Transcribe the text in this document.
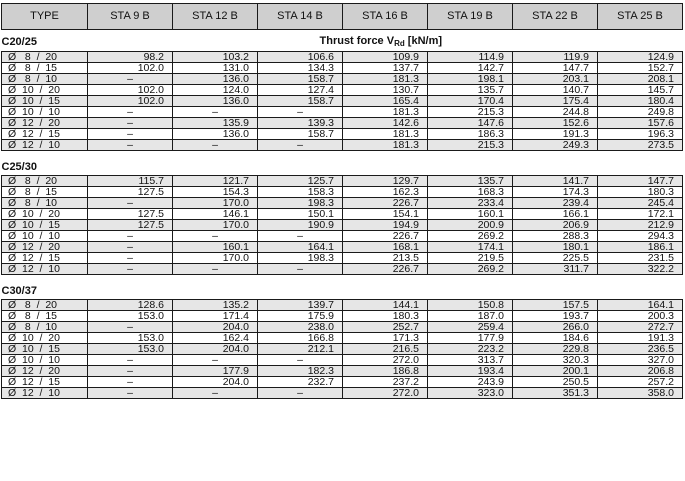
TYPE	STA 9 B	STA 12 B	STA 14 B	STA 16 B	STA 19 B	STA 22 B	STA 25 B

C20/25	Thrust force $V_{Rd}$ [kN/m]						
Ø   8  /  20	98.2	103.2	106.6	109.9	114.9	119.9	124.9
Ø   8  /  15	102.0	131.0	134.3	137.7	142.7	147.7	152.7
Ø   8  /  10	–	136.0	158.7	181.3	198.1	203.1	208.1
Ø  10  /  20	102.0	124.0	127.4	130.7	135.7	140.7	145.7
Ø  10  /  15	102.0	136.0	158.7	165.4	170.4	175.4	180.4
Ø  10  /  10	–	–	–	181.3	215.3	244.8	249.8
Ø  12  /  20	–	135.9	139.3	142.6	147.6	152.6	157.6
Ø  12  /  15	–	136.0	158.7	181.3	186.3	191.3	196.3
Ø  12  /  10	–	–	–	181.3	215.3	249.3	273.5

C25/30							
Ø   8  /  20	115.7	121.7	125.7	129.7	135.7	141.7	147.7
Ø   8  /  15	127.5	154.3	158.3	162.3	168.3	174.3	180.3
Ø   8  /  10	–	170.0	198.3	226.7	233.4	239.4	245.4
Ø  10  /  20	127.5	146.1	150.1	154.1	160.1	166.1	172.1
Ø  10  /  15	127.5	170.0	190.9	194.9	200.9	206.9	212.9
Ø  10  /  10	–	–	–	226.7	269.2	288.3	294.3
Ø  12  /  20	–	160.1	164.1	168.1	174.1	180.1	186.1
Ø  12  /  15	–	170.0	198.3	213.5	219.5	225.5	231.5
Ø  12  /  10	–	–	–	226.7	269.2	311.7	322.2

C30/37							
Ø   8  /  20	128.6	135.2	139.7	144.1	150.8	157.5	164.1
Ø   8  /  15	153.0	171.4	175.9	180.3	187.0	193.7	200.3
Ø   8  /  10	–	204.0	238.0	252.7	259.4	266.0	272.7
Ø  10  /  20	153.0	162.4	166.8	171.3	177.9	184.6	191.3
Ø  10  /  15	153.0	204.0	212.1	216.5	223.2	229.8	236.5
Ø  10  /  10	–	–	–	272.0	313.7	320.3	327.0
Ø  12  /  20	–	177.9	182.3	186.8	193.4	200.1	206.8
Ø  12  /  15	–	204.0	232.7	237.2	243.9	250.5	257.2
Ø  12  /  10	–	–	–	272.0	323.0	351.3	358.0
